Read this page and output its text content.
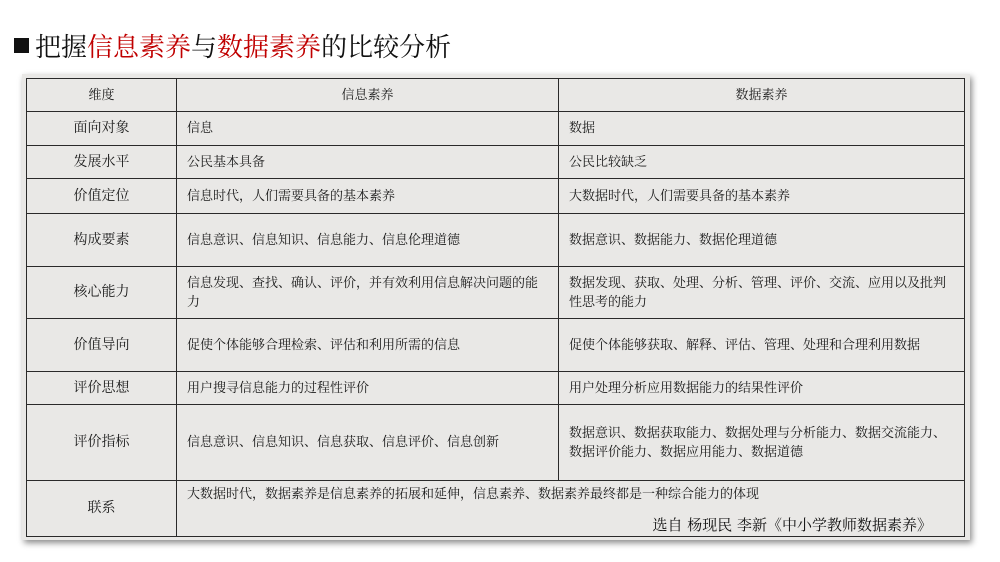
把握信息素养与数据素养的比较分析
维度	信息素养	数据素养
面向对象	信息	数据
发展水平	公民基本具备	公民比较缺乏
价值定位	信息时代，人们需要具备的基本素养	大数据时代，人们需要具备的基本素养
构成要素	信息意识、信息知识、信息能力、信息伦理道德	数据意识、数据能力、数据伦理道德
核心能力	信息发现、查找、确认、评价，并有效利用信息解决问题的能力	数据发现、获取、处理、分析、管理、评价、交流、应用以及批判性思考的能力
价值导向	促使个体能够合理检索、评估和利用所需的信息	促使个体能够获取、解释、评估、管理、处理和合理利用数据
评价思想	用户搜寻信息能力的过程性评价	用户处理分析应用数据能力的结果性评价
评价指标	信息意识、信息知识、信息获取、信息评价、信息创新	数据意识、数据获取能力、数据处理与分析能力、数据交流能力、数据评价能力、数据应用能力、数据道德
联系	大数据时代，数据素养是信息素养的拓展和延伸，信息素养、数据素养最终都是一种综合能力的体现	
选自 杨现民 李新《中小学教师数据素养》
